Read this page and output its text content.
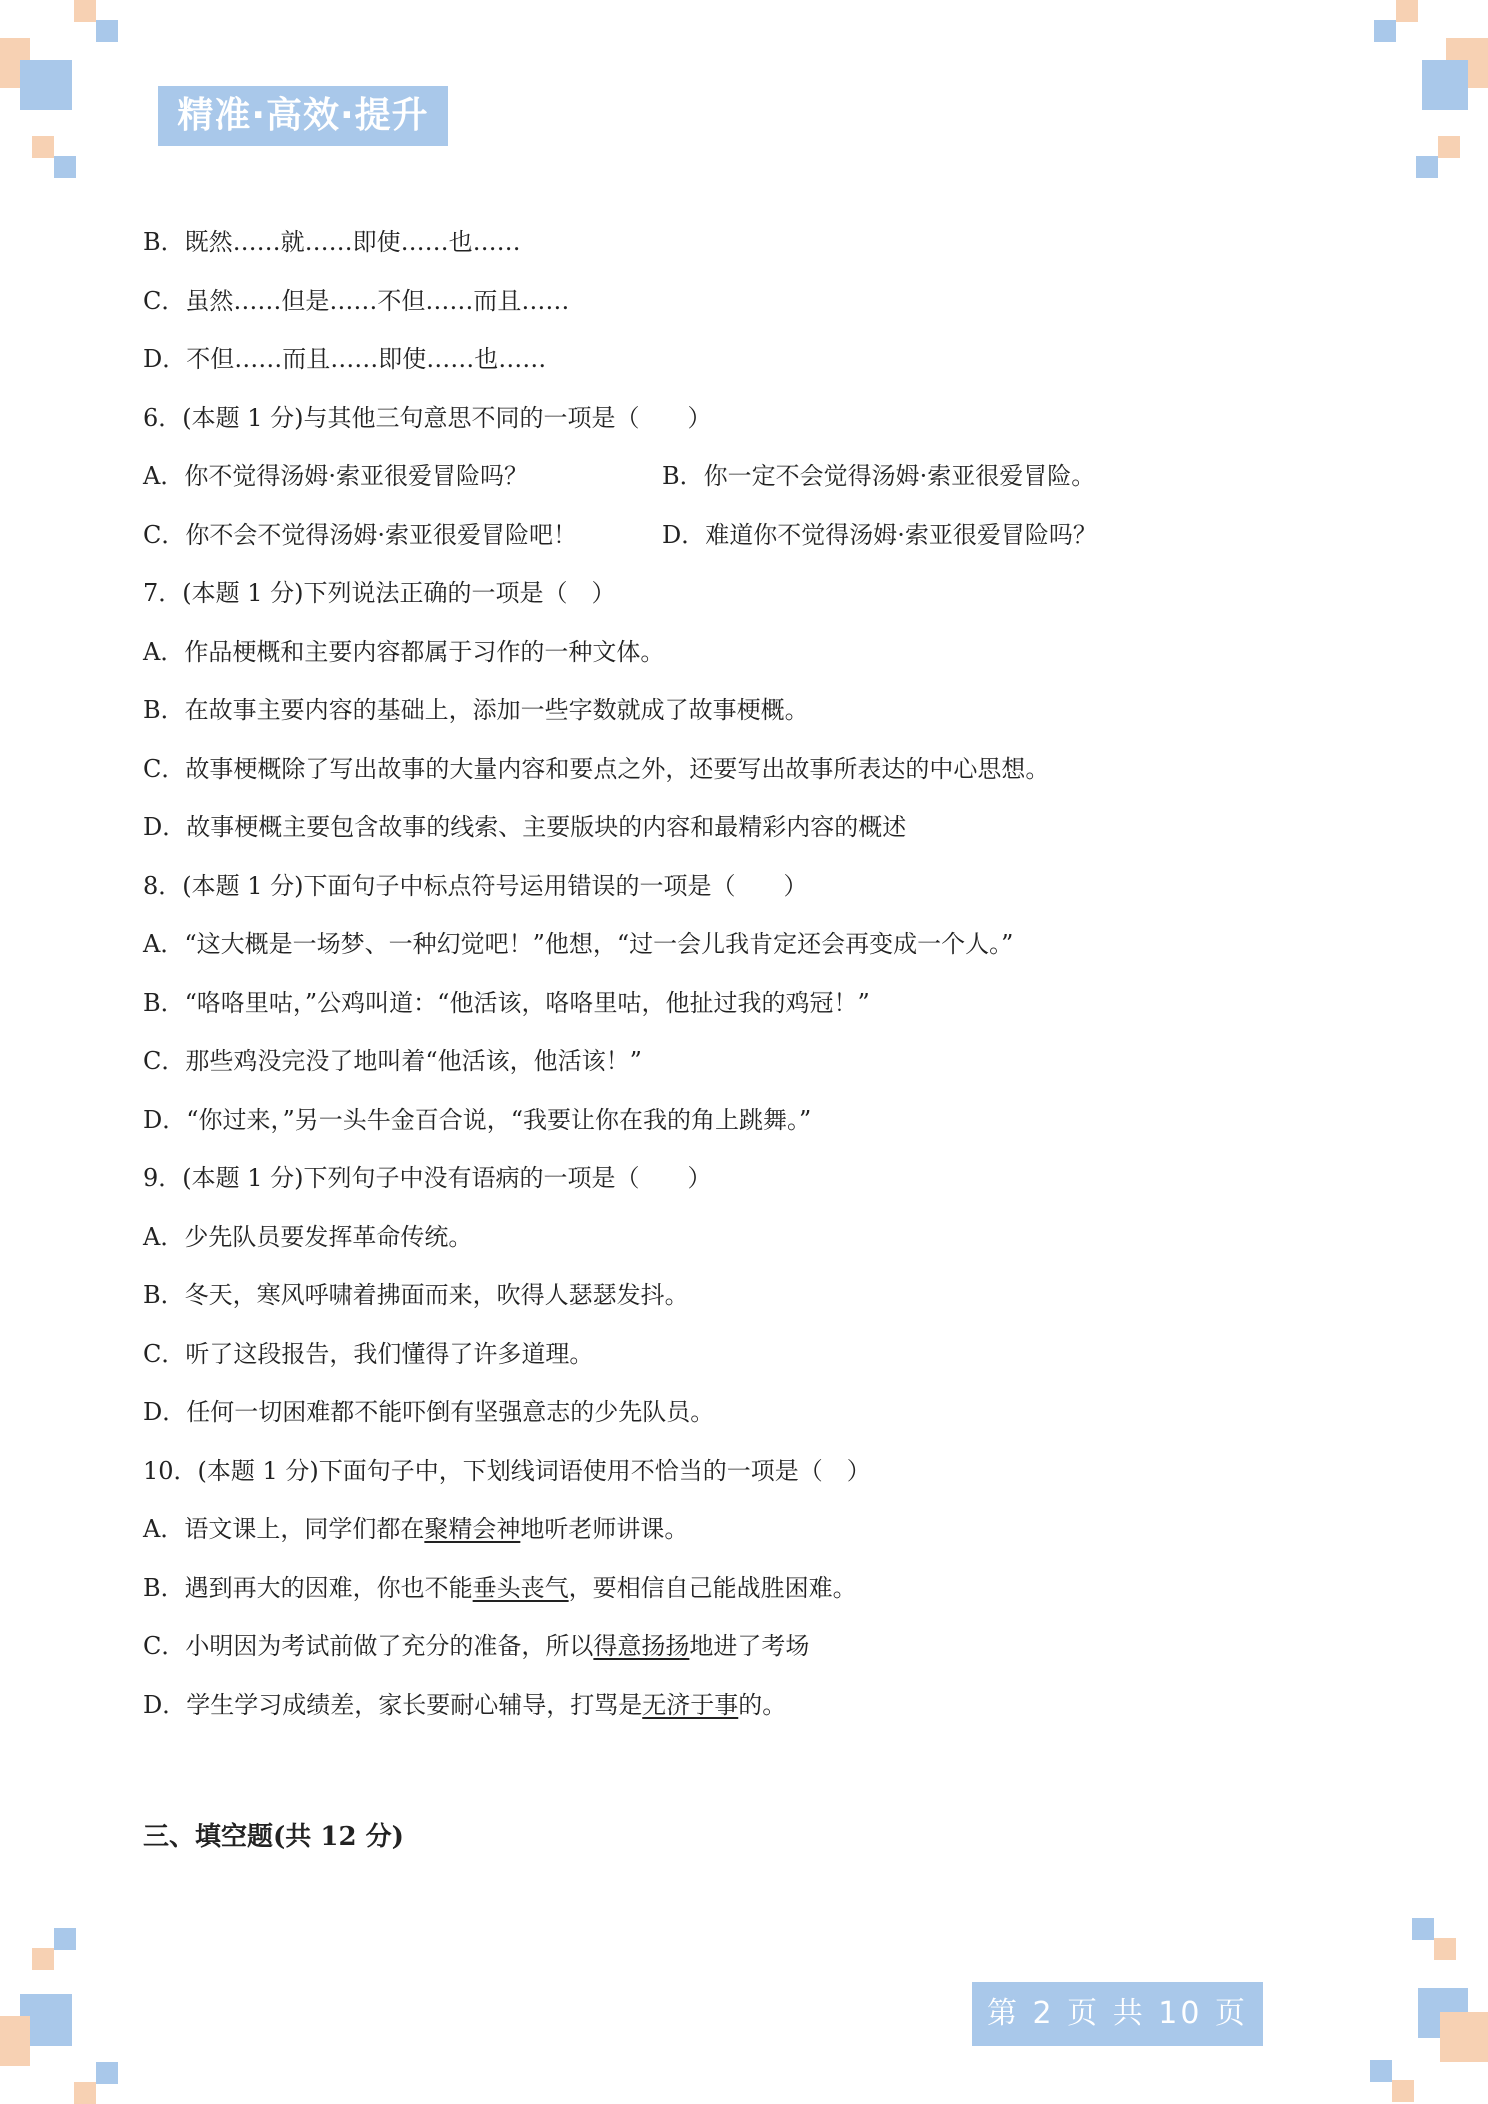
精准·高效·提升
B．既然……就……即使……也……
C．虽然……但是……不但……而且……
D．不但……而且……即使……也……
6．(本题 1 分)与其他三句意思不同的一项是（　　）
A．你不觉得汤姆·索亚很爱冒险吗？	B．你一定不会觉得汤姆·索亚很爱冒险。
C．你不会不觉得汤姆·索亚很爱冒险吧！	D．难道你不觉得汤姆·索亚很爱冒险吗？
7．(本题 1 分)下列说法正确的一项是（　）
A．作品梗概和主要内容都属于习作的一种文体。
B．在故事主要内容的基础上，添加一些字数就成了故事梗概。
C．故事梗概除了写出故事的大量内容和要点之外，还要写出故事所表达的中心思想。
D．故事梗概主要包含故事的线索、主要版块的内容和最精彩内容的概述
8．(本题 1 分)下面句子中标点符号运用错误的一项是（　　）
A．“这大概是一场梦、一种幻觉吧！”他想，“过一会儿我肯定还会再变成一个人。”
B．“咯咯里咕，”公鸡叫道：“他活该，咯咯里咕，他扯过我的鸡冠！”
C．那些鸡没完没了地叫着“他活该，他活该！”
D．“你过来，”另一头牛金百合说，“我要让你在我的角上跳舞。”
9．(本题 1 分)下列句子中没有语病的一项是（　　）
A．少先队员要发挥革命传统。
B．冬天，寒风呼啸着拂面而来，吹得人瑟瑟发抖。
C．听了这段报告，我们懂得了许多道理。
D．任何一切困难都不能吓倒有坚强意志的少先队员。
10．(本题 1 分)下面句子中，下划线词语使用不恰当的一项是（　）
A．语文课上，同学们都在聚精会神地听老师讲课。
B．遇到再大的因难，你也不能垂头丧气，要相信自己能战胜困难。
C．小明因为考试前做了充分的准备，所以得意扬扬地进了考场
D．学生学习成绩差，家长要耐心辅导，打骂是无济于事的。
三、填空题(共 12 分)
第 2 页 共 10 页
